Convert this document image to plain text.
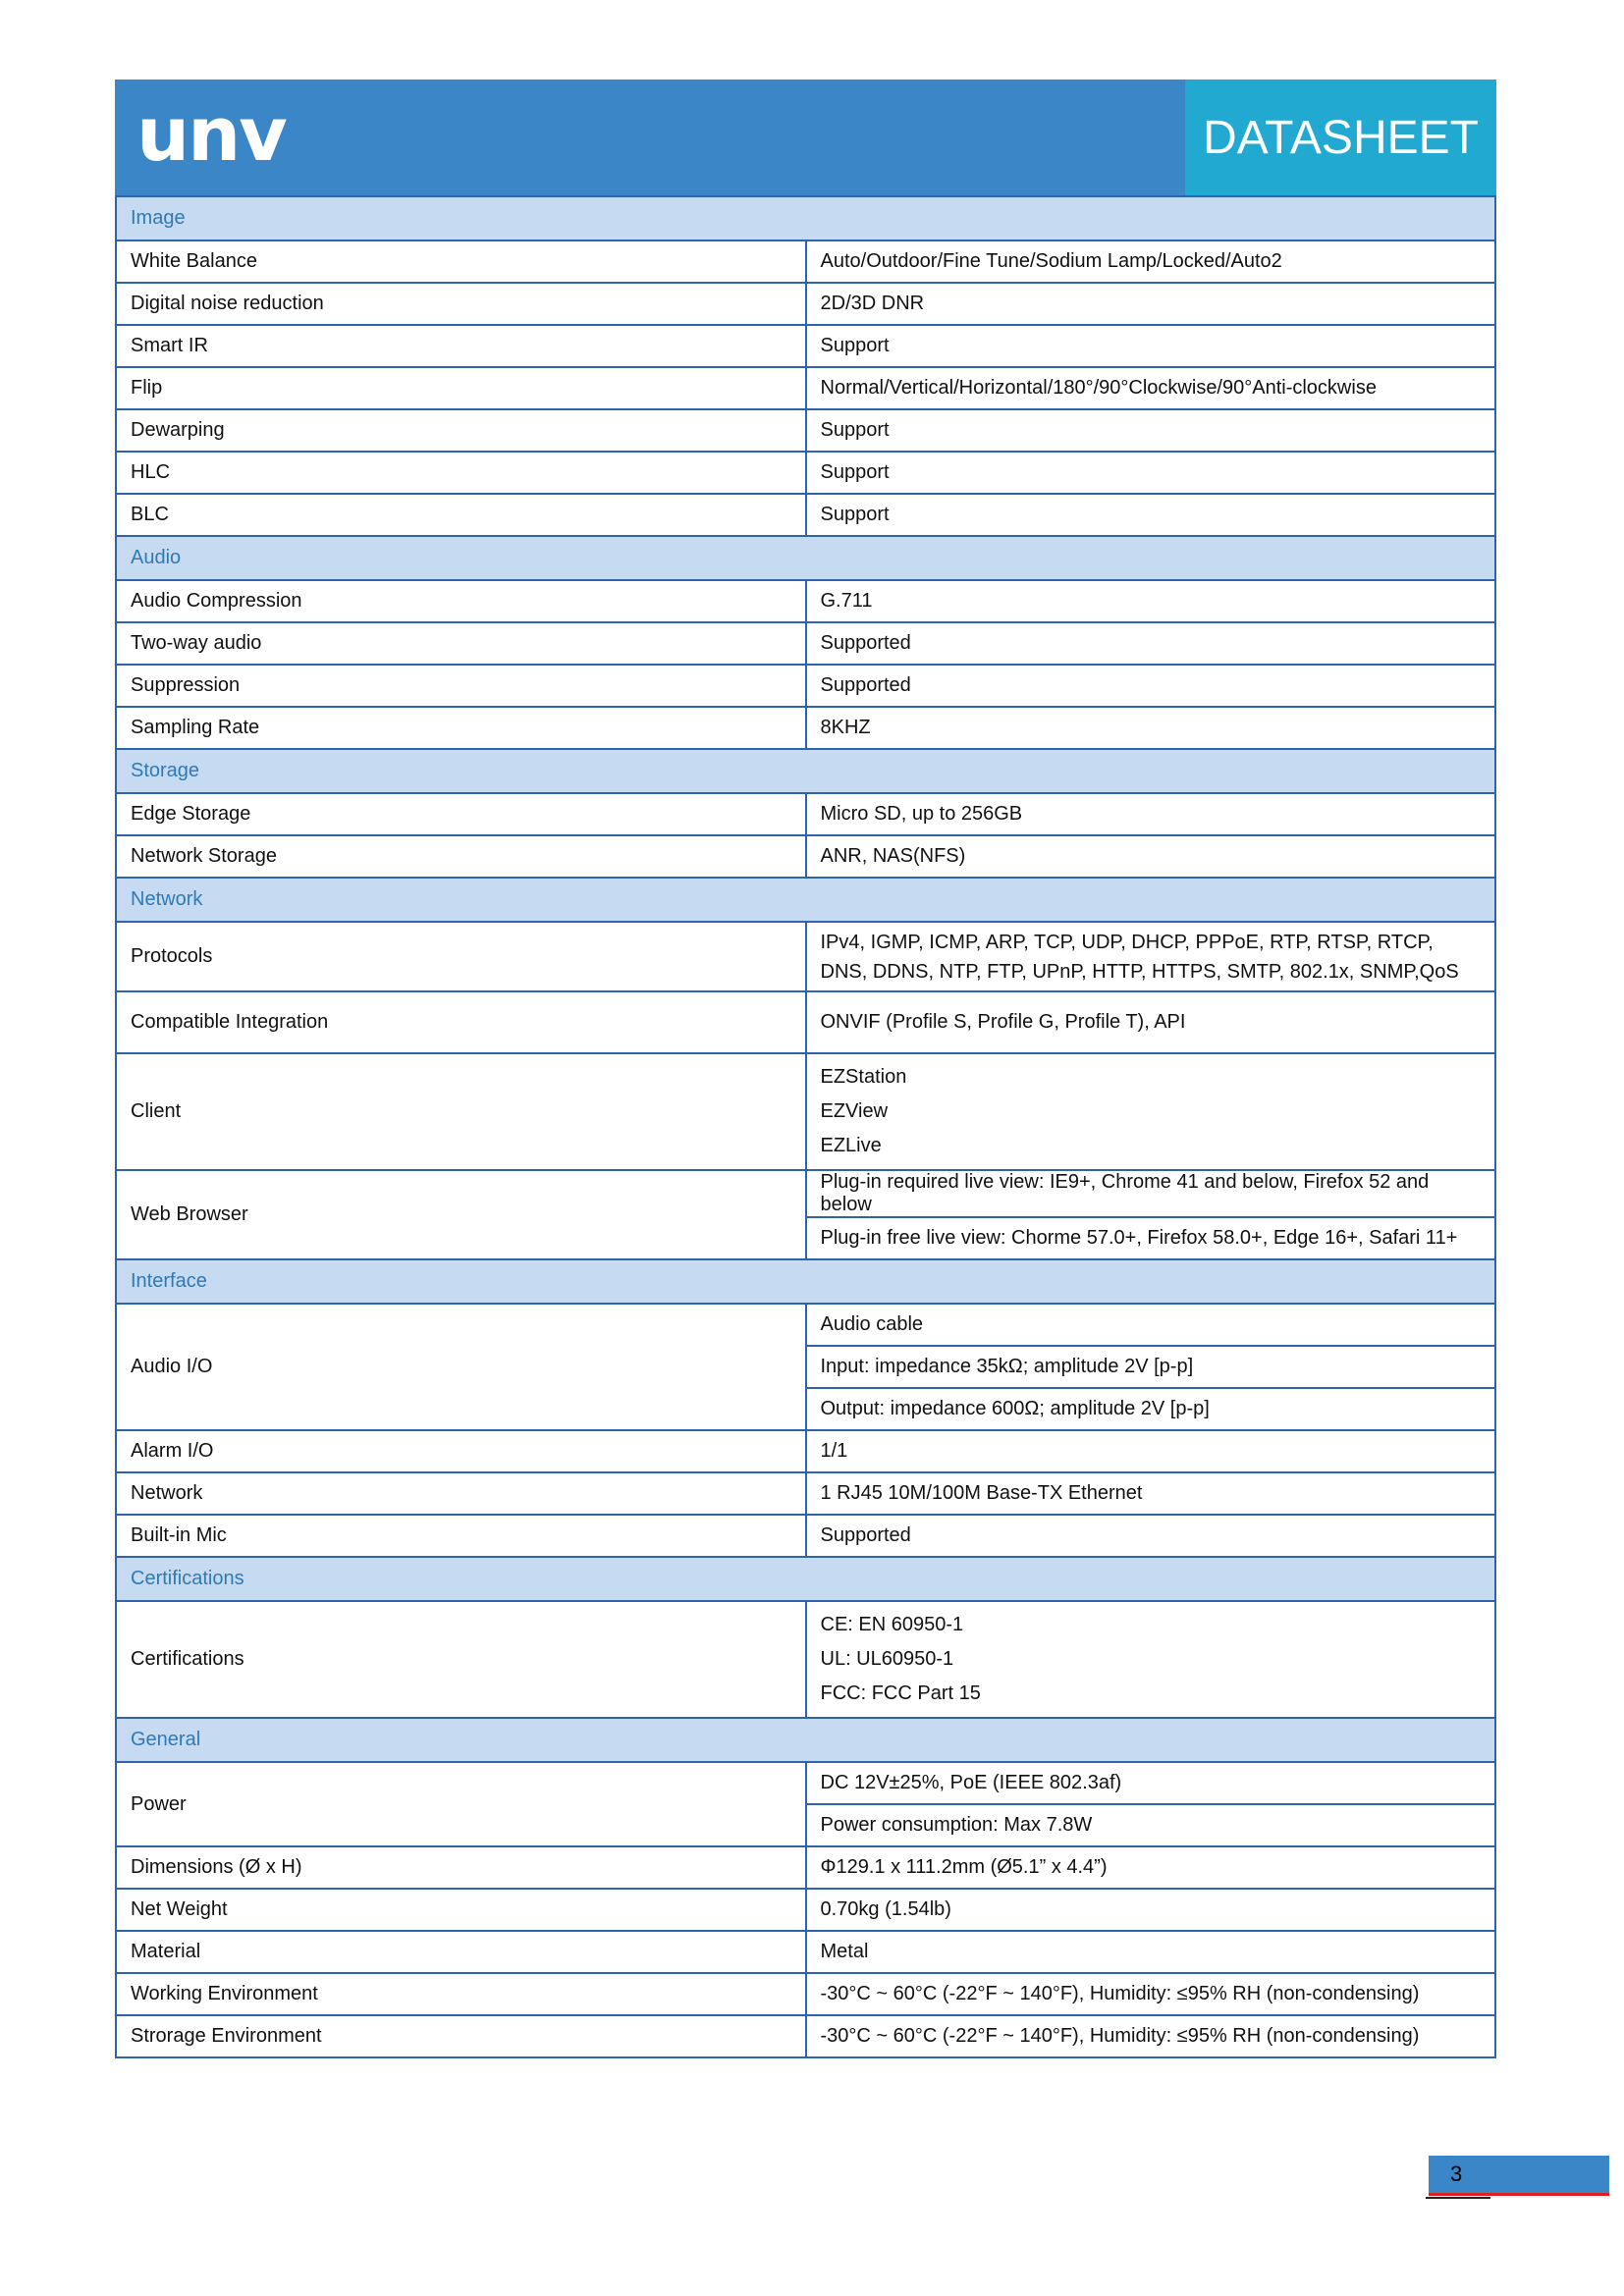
unv	DATASHEET
Image	
White Balance	Auto/Outdoor/Fine Tune/Sodium Lamp/Locked/Auto2
Digital noise reduction	2D/3D DNR
Smart IR	Support
Flip	Normal/Vertical/Horizontal/180°/90°Clockwise/90°Anti-clockwise
Dewarping	Support
HLC	Support
BLC	Support
Audio	
Audio Compression	G.711
Two-way audio	Supported
Suppression	Supported
Sampling Rate	8KHZ
Storage	
Edge Storage	Micro SD, up to 256GB
Network Storage	ANR, NAS(NFS)
Network	
Protocols	IPv4, IGMP, ICMP, ARP, TCP, UDP, DHCP, PPPoE, RTP, RTSP, RTCP, DNS, DDNS, NTP, FTP, UPnP, HTTP, HTTPS, SMTP, 802.1x, SNMP,QoS
Compatible Integration	ONVIF (Profile S, Profile G, Profile T), API
Client	EZStation
EZView
EZLive

Web Browser	Plug-in required live view: IE9+, Chrome 41 and below, Firefox 52 and below
	Plug-in free live view: Chorme 57.0+, Firefox 58.0+, Edge 16+, Safari 11+
Interface	
Audio I/O	Audio cable
	Input: impedance 35kΩ; amplitude 2V [p-p]
	Output: impedance 600Ω; amplitude 2V [p-p]
Alarm I/O	1/1
Network	1 RJ45 10M/100M Base-TX Ethernet
Built-in Mic	Supported
Certifications	
Certifications	CE: EN 60950-1
UL: UL60950-1
FCC: FCC Part 15

General	
Power	DC 12V±25%, PoE (IEEE 802.3af)
	Power consumption: Max 7.8W
Dimensions (Ø x H)	Φ129.1 x 111.2mm (Ø5.1” x 4.4”)
Net Weight	0.70kg (1.54lb)
Material	Metal
Working Environment	-30°C ~ 60°C (-22°F ~ 140°F), Humidity: ≤95% RH (non-condensing)
Strorage Environment	-30°C ~ 60°C (-22°F ~ 140°F), Humidity: ≤95% RH (non-condensing)
3
